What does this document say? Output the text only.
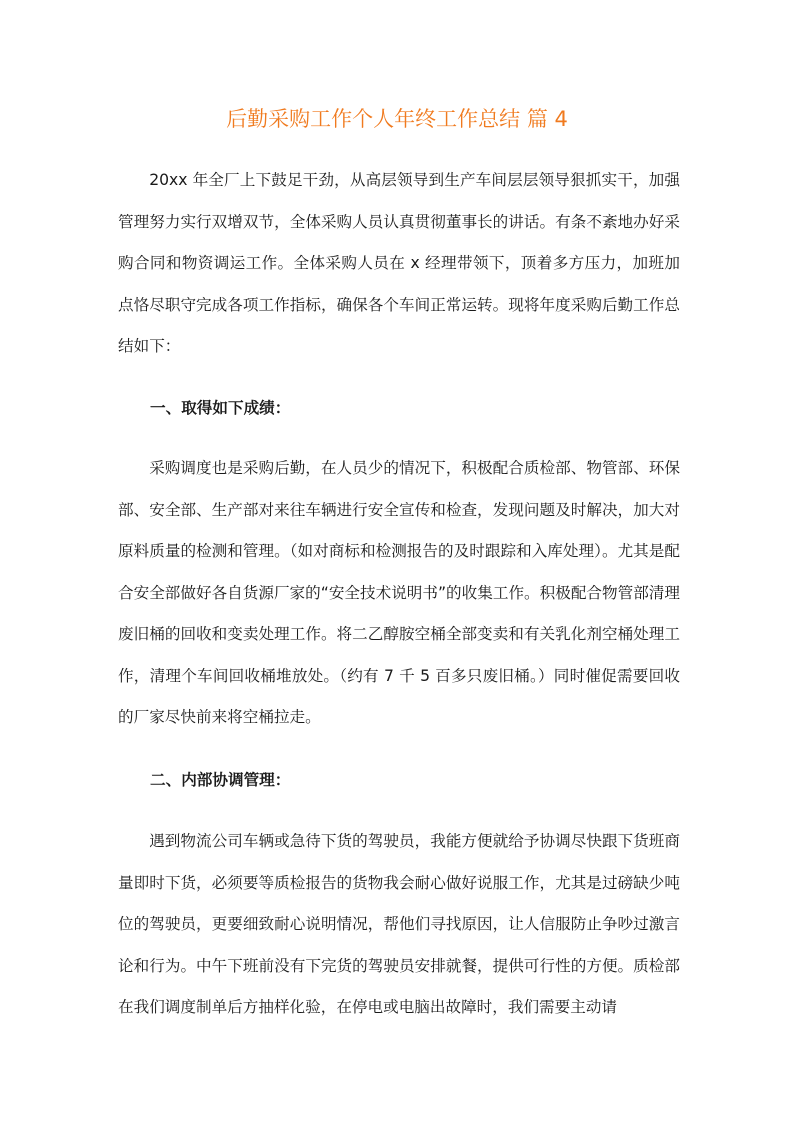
后勤采购工作个人年终工作总结 篇 4

20xx 年全厂上下鼓足干劲，从高层领导到生产车间层层领导狠抓实干，加强管理努力实行双增双节，全体采购人员认真贯彻董事长的讲话。有条不紊地办好采购合同和物资调运工作。全体采购人员在 x 经理带领下，顶着多方压力，加班加点恪尽职守完成各项工作指标，确保各个车间正常运转。现将年度采购后勤工作总结如下：

一、取得如下成绩：

采购调度也是采购后勤，在人员少的情况下，积极配合质检部、物管部、环保部、安全部、生产部对来往车辆进行安全宣传和检查，发现问题及时解决，加大对原料质量的检测和管理。（如对商标和检测报告的及时跟踪和入库处理）。尤其是配合安全部做好各自货源厂家的“安全技术说明书”的收集工作。积极配合物管部清理废旧桶的回收和变卖处理工作。将二乙醇胺空桶全部变卖和有关乳化剂空桶处理工作，清理个车间回收桶堆放处。（约有 7 千 5 百多只废旧桶。）同时催促需要回收的厂家尽快前来将空桶拉走。

二、内部协调管理：

遇到物流公司车辆或急待下货的驾驶员，我能方便就给予协调尽快跟下货班商量即时下货，必须要等质检报告的货物我会耐心做好说服工作，尤其是过磅缺少吨位的驾驶员，更要细致耐心说明情况，帮他们寻找原因，让人信服防止争吵过激言论和行为。中午下班前没有下完货的驾驶员安排就餐，提供可行性的方便。质检部在我们调度制单后方抽样化验，在停电或电脑出故障时，我们需要主动请
